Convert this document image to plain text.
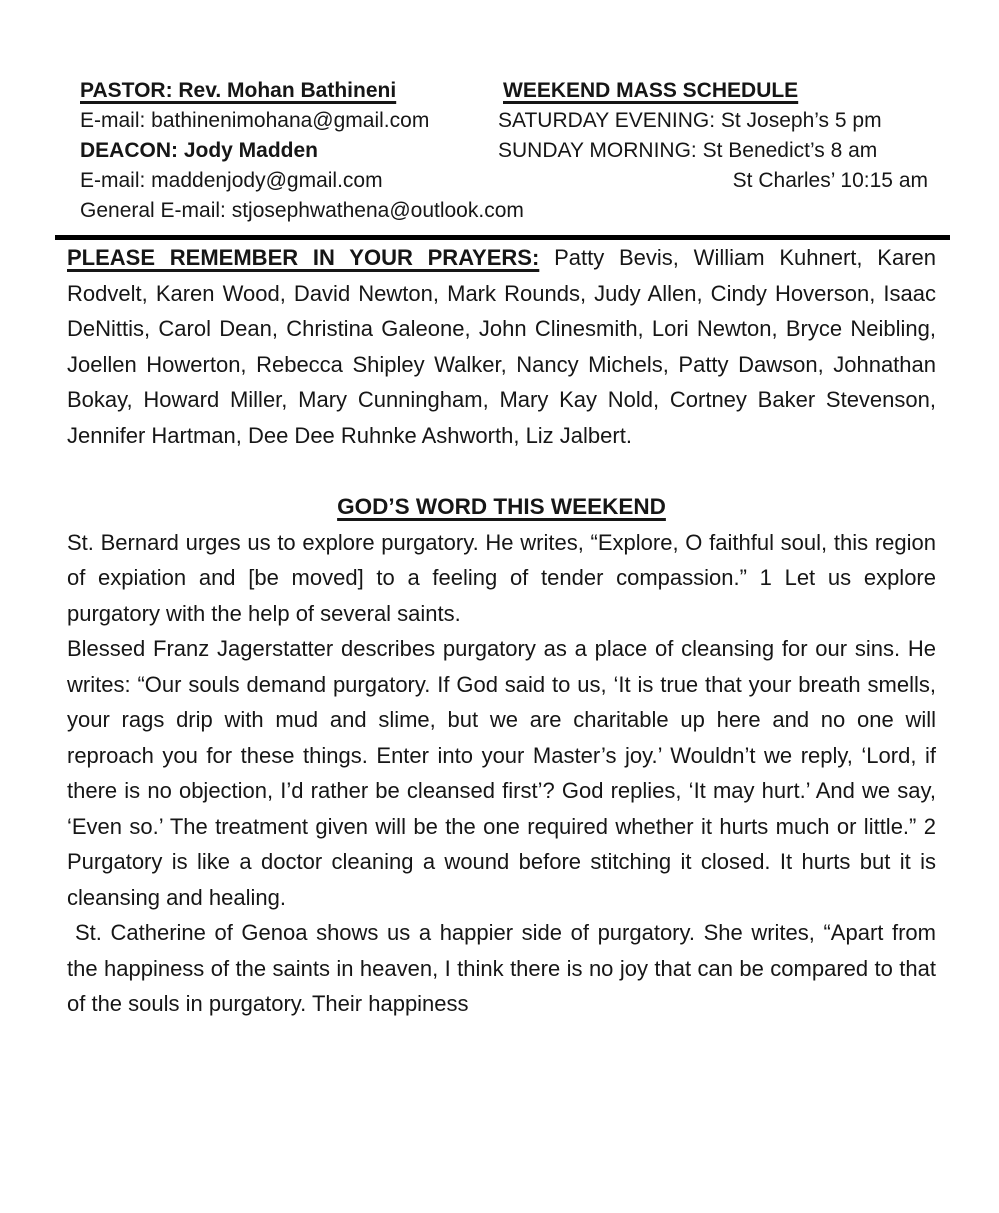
PASTOR: Rev. Mohan Bathineni	WEEKEND MASS SCHEDULE
E-mail: bathinenimohana@gmail.com	SATURDAY EVENING: St Joseph’s 5 pm
DEACON: Jody Madden	SUNDAY MORNING: St Benedict’s 8 am
E-mail: maddenjody@gmail.com	St Charles’ 10:15 am
General E-mail: stjosephwathena@outlook.com

PLEASE REMEMBER IN YOUR PRAYERS: Patty Bevis, William Kuhnert, Karen Rodvelt, Karen Wood, David Newton, Mark Rounds, Judy Allen, Cindy Hoverson, Isaac DeNittis, Carol Dean, Christina Galeone, John Clinesmith, Lori Newton, Bryce Neibling, Joellen Howerton, Rebecca Shipley Walker, Nancy Michels, Patty Dawson, Johnathan Bokay, Howard Miller, Mary Cunningham, Mary Kay Nold, Cortney Baker Stevenson, Jennifer Hartman, Dee Dee Ruhnke Ashworth, Liz Jalbert.

GOD’S WORD THIS WEEKEND

St. Bernard urges us to explore purgatory. He writes, “Explore, O faithful soul, this region of expiation and [be moved] to a feeling of tender compassion.” 1 Let us explore purgatory with the help of several saints.

Blessed Franz Jagerstatter describes purgatory as a place of cleansing for our sins. He writes: “Our souls demand purgatory. If God said to us, ‘It is true that your breath smells, your rags drip with mud and slime, but we are charitable up here and no one will reproach you for these things. Enter into your Master’s joy.’ Wouldn’t we reply, ‘Lord, if there is no objection, I’d rather be cleansed first’? God replies, ‘It may hurt.’ And we say, ‘Even so.’ The treatment given will be the one required whether it hurts much or little.” 2 Purgatory is like a doctor cleaning a wound before stitching it closed. It hurts but it is cleansing and healing.

St. Catherine of Genoa shows us a happier side of purgatory. She writes, “Apart from the happiness of the saints in heaven, I think there is no joy that can be compared to that of the souls in purgatory. Their happiness
